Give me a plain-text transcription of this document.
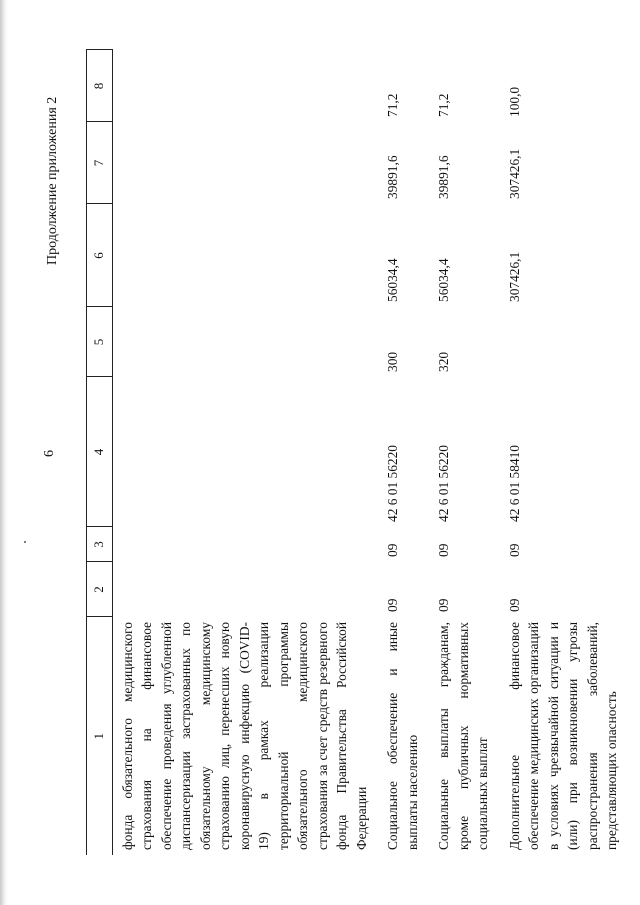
6
Продолжение приложения 2
1	2	3	4	5	6	7	8
фонда обязательного медицинского страхования на финансовое обеспечение проведения углубленной диспансеризации застрахованных по обязательному медицинскому страхованию лиц, перенесших новую коронавирусную инфекцию (COVID-19) в рамках реализации территориальной программы обязательного медицинского страхования за счет средств резервного фонда Правительства Российской Федерации							
Социальное обеспечение и иные выплаты населению	09	09	42 6 01 56220	300	56034,4	39891,6	71,2
Социальные выплаты гражданам, кроме публичных нормативных социальных выплат	09	09	42 6 01 56220	320	56034,4	39891,6	71,2
Дополнительное финансовое обеспечение медицинских организаций в условиях чрезвычайной ситуации и (или) при возникновении угрозы распространения заболеваний, представляющих опасность	09	09	42 6 01 58410		307426,1	307426,1	100,0
